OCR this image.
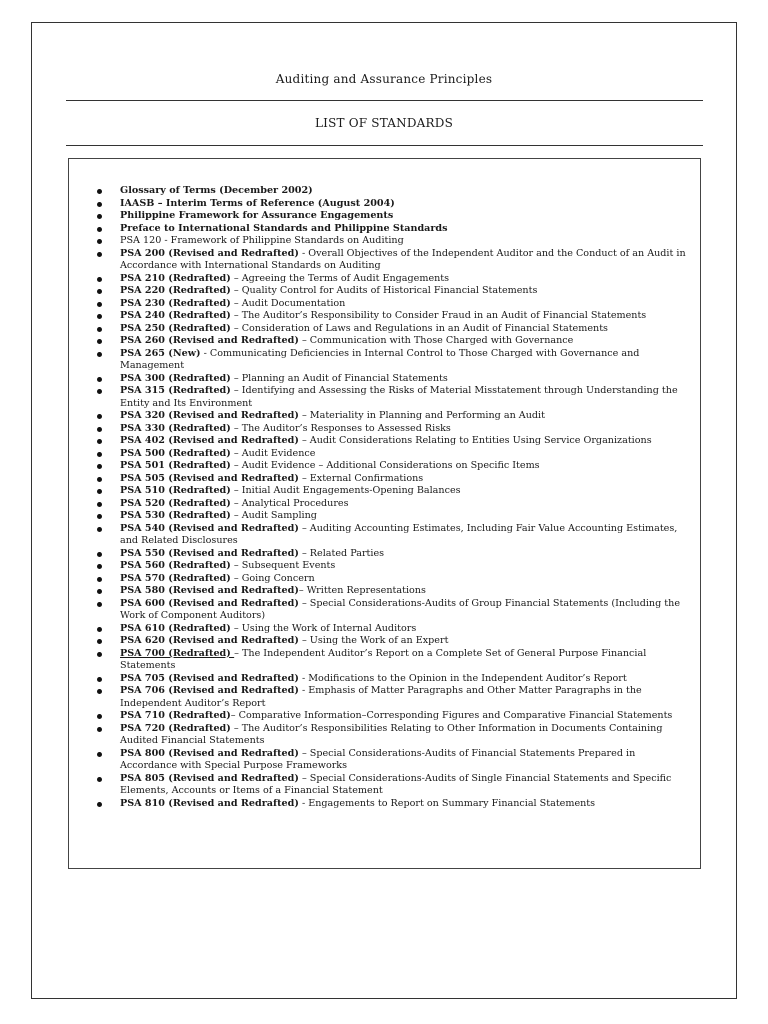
Auditing and Assurance Principles
LIST OF STANDARDS
Glossary of Terms (December 2002)
IAASB – Interim Terms of Reference (August 2004)
Philippine Framework for Assurance Engagements
Preface to International Standards and Philippine Standards
PSA 120 - Framework of Philippine Standards on Auditing
PSA 200 (Revised and Redrafted) - Overall Objectives of the Independent Auditor and the Conduct of an Audit in Accordance with International Standards on Auditing
PSA 210 (Redrafted) – Agreeing the Terms of Audit Engagements
PSA 220 (Redrafted) – Quality Control for Audits of Historical Financial Statements
PSA 230 (Redrafted) – Audit Documentation
PSA 240 (Redrafted) – The Auditor’s Responsibility to Consider Fraud in an Audit of Financial Statements
PSA 250 (Redrafted) – Consideration of Laws and Regulations in an Audit of Financial Statements
PSA 260 (Revised and Redrafted) – Communication with Those Charged with Governance
PSA 265 (New) - Communicating Deficiencies in Internal Control to Those Charged with Governance and Management
PSA 300 (Redrafted) – Planning an Audit of Financial Statements
PSA 315 (Redrafted) – Identifying and Assessing the Risks of Material Misstatement through Understanding the Entity and Its Environment
PSA 320 (Revised and Redrafted) – Materiality in Planning and Performing an Audit
PSA 330 (Redrafted) – The Auditor’s Responses to Assessed Risks
PSA 402 (Revised and Redrafted) – Audit Considerations Relating to Entities Using Service Organizations
PSA 500 (Redrafted) – Audit Evidence
PSA 501 (Redrafted) – Audit Evidence – Additional Considerations on Specific Items
PSA 505 (Revised and Redrafted) – External Confirmations
PSA 510 (Redrafted) – Initial Audit Engagements-Opening Balances
PSA 520 (Redrafted) – Analytical Procedures
PSA 530 (Redrafted) – Audit Sampling
PSA 540 (Revised and Redrafted) – Auditing Accounting Estimates, Including Fair Value Accounting Estimates, and Related Disclosures
PSA 550 (Revised and Redrafted) – Related Parties
PSA 560 (Redrafted) – Subsequent Events
PSA 570 (Redrafted) – Going Concern
PSA 580 (Revised and Redrafted)– Written Representations
PSA 600 (Revised and Redrafted) – Special Considerations-Audits of Group Financial Statements (Including the Work of Component Auditors)
PSA 610 (Redrafted) – Using the Work of Internal Auditors
PSA 620 (Revised and Redrafted) – Using the Work of an Expert
PSA 700 (Redrafted) – The Independent Auditor’s Report on a Complete Set of General Purpose Financial Statements
PSA 705 (Revised and Redrafted) - Modifications to the Opinion in the Independent Auditor’s Report
PSA 706 (Revised and Redrafted) - Emphasis of Matter Paragraphs and Other Matter Paragraphs in the Independent Auditor’s Report
PSA 710 (Redrafted)– Comparative Information–Corresponding Figures and Comparative Financial Statements
PSA 720 (Redrafted) – The Auditor’s Responsibilities Relating to Other Information in Documents Containing Audited Financial Statements
PSA 800 (Revised and Redrafted) – Special Considerations-Audits of Financial Statements Prepared in Accordance with Special Purpose Frameworks
PSA 805 (Revised and Redrafted) – Special Considerations-Audits of Single Financial Statements and Specific Elements, Accounts or Items of a Financial Statement
PSA 810 (Revised and Redrafted) - Engagements to Report on Summary Financial Statements
